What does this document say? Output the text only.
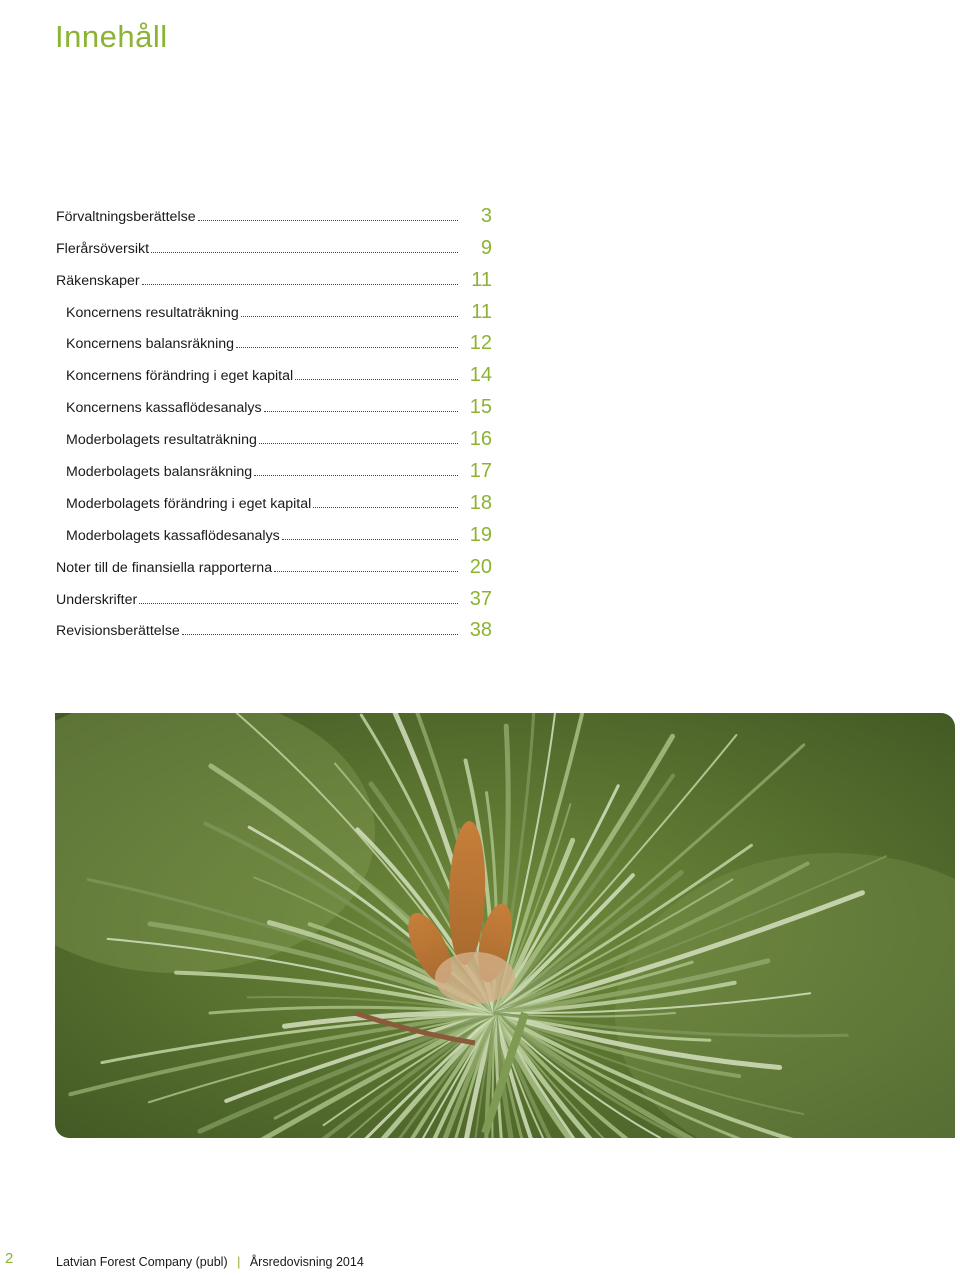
Innehåll
Förvaltningsberättelse	3
Flerårsöversikt	9
Räkenskaper	11
Koncernens resultaträkning	11
Koncernens balansräkning	12
Koncernens förändring i eget kapital	14
Koncernens kassaflödesanalys	15
Moderbolagets resultaträkning	16
Moderbolagets balansräkning	17
Moderbolagets förändring i eget kapital	18
Moderbolagets kassaflödesanalys	19
Noter till de finansiella rapporterna	20
Underskrifter	37
Revisionsberättelse	38
2	Latvian Forest Company (publ) | Årsredovisning 2014
